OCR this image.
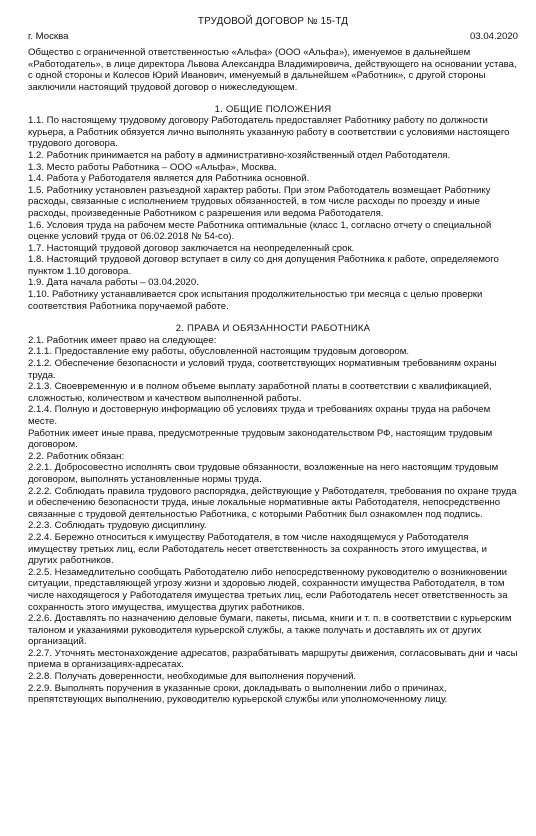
ТРУДОВОЙ ДОГОВОР № 15-ТД
г. Москва	03.04.2020

Общество с ограниченной ответственностью «Альфа» (ООО «Альфа»), именуемое в дальнейшем «Работодатель», в лице директора Львова Александра Владимировича, действующего на основании устава, с одной стороны и Колесов Юрий Иванович, именуемый в дальнейшем «Работник», с другой стороны заключили настоящий трудовой договор о нижеследующем.

1. ОБЩИЕ ПОЛОЖЕНИЯ
1.1. По настоящему трудовому договору Работодатель предоставляет Работнику работу по должности курьера, а Работник обязуется лично выполнять указанную работу в соответствии с условиями настоящего трудового договора.
1.2. Работник принимается на работу в административно-хозяйственный отдел Работодателя.
1.3. Место работы Работника – ООО «Альфа», Москва.
1.4. Работа у Работодателя является для Работника основной.
1.5. Работнику установлен разъездной характер работы. При этом Работодатель возмещает Работнику расходы, связанные с исполнением трудовых обязанностей, в том числе расходы по проезду и иные расходы, произведенные Работником с разрешения или ведома Работодателя.
1.6. Условия труда на рабочем месте Работника оптимальные (класс 1, согласно отчету о специальной оценке условий труда от 06.02.2018 № 54-со).
1.7. Настоящий трудовой договор заключается на неопределенный срок.
1.8. Настоящий трудовой договор вступает в силу со дня допущения Работника к работе, определяемого пунктом 1.10 договора.
1.9. Дата начала работы – 03.04.2020.
1.10. Работнику устанавливается срок испытания продолжительностью три месяца с целью проверки соответствия Работника поручаемой работе.
2. ПРАВА И ОБЯЗАННОСТИ РАБОТНИКА
2.1. Работник имеет право на следующее:
2.1.1. Предоставление ему работы, обусловленной настоящим трудовым договором.
2.1.2. Обеспечение безопасности и условий труда, соответствующих нормативным требованиям охраны труда.
2.1.3. Своевременную и в полном объеме выплату заработной платы в соответствии с квалификацией, сложностью, количеством и качеством выполненной работы.
2.1.4. Полную и достоверную информацию об условиях труда и требованиях охраны труда на рабочем месте.
Работник имеет иные права, предусмотренные трудовым законодательством РФ, настоящим трудовым договором.
2.2. Работник обязан:
2.2.1. Добросовестно исполнять свои трудовые обязанности, возложенные на него настоящим трудовым договором, выполнять установленные нормы труда.
2.2.2. Соблюдать правила трудового распорядка, действующие у Работодателя, требования по охране труда и обеспечению безопасности труда, иные локальные нормативные акты Работодателя, непосредственно связанные с трудовой деятельностью Работника, с которыми Работник был ознакомлен под подпись.
2.2.3. Соблюдать трудовую дисциплину.
2.2.4. Бережно относиться к имуществу Работодателя, в том числе находящемуся у Работодателя имуществу третьих лиц, если Работодатель несет ответственность за сохранность этого имущества, и других работников.
2.2.5. Незамедлительно сообщать Работодателю либо непосредственному руководителю о возникновении ситуации, представляющей угрозу жизни и здоровью людей, сохранности имущества Работодателя, в том числе находящегося у Работодателя имущества третьих лиц, если Работодатель несет ответственность за сохранность этого имущества, имущества других работников.
2.2.6. Доставлять по назначению деловые бумаги, пакеты, письма, книги и т. п. в соответствии с курьерским талоном и указаниями руководителя курьерской службы, а также получать и доставлять их от других организаций.
2.2.7. Уточнять местонахождение адресатов, разрабатывать маршруты движения, согласовывать дни и часы приема в организациях-адресатах.
2.2.8. Получать доверенности, необходимые для выполнения поручений.
2.2.9. Выполнять поручения в указанные сроки, докладывать о выполнении либо о причинах, препятствующих выполнению, руководителю курьерской службы или уполномоченному лицу.
